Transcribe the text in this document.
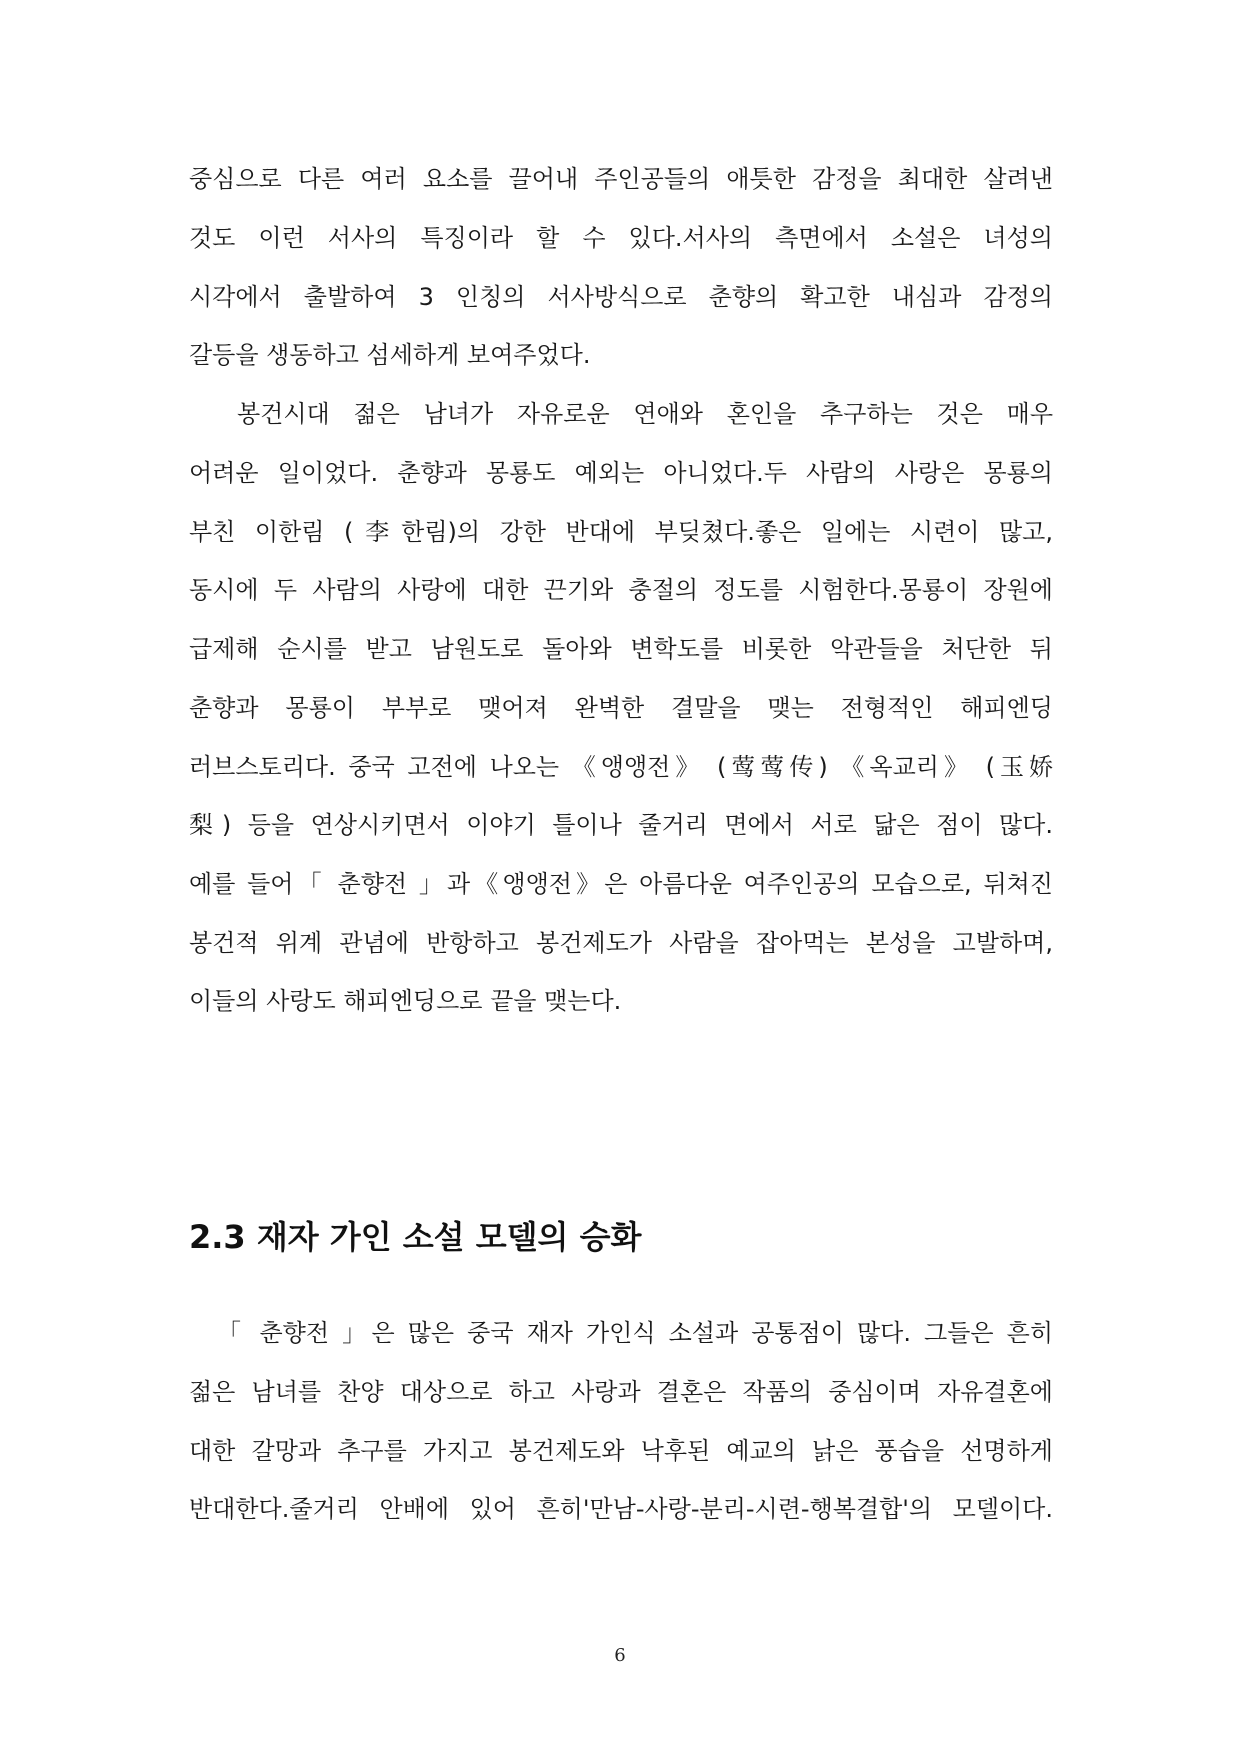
중심으로 다른 여러 요소를 끌어내 주인공들의 애틋한 감정을 최대한 살려낸
것도 이런 서사의 특징이라 할 수 있다.서사의 측면에서 소설은 녀성의
시각에서 출발하여 3 인칭의 서사방식으로 춘향의 확고한 내심과 감정의
갈등을 생동하고 섬세하게 보여주었다.
봉건시대 젊은 남녀가 자유로운 연애와 혼인을 추구하는 것은 매우
어려운 일이었다. 춘향과 몽룡도 예외는 아니었다.두 사람의 사랑은 몽룡의
부친 이한림 (李한림)의 강한 반대에 부딪쳤다.좋은 일에는 시련이 많고,
동시에 두 사람의 사랑에 대한 끈기와 충절의 정도를 시험한다.몽룡이 장원에
급제해 순시를 받고 남원도로 돌아와 변학도를 비롯한 악관들을 처단한 뒤
춘향과 몽룡이 부부로 맺어져 완벽한 결말을 맺는 전형적인 해피엔딩
러브스토리다. 중국 고전에 나오는 《앵앵전》 (莺莺传) 《옥교리》 (玉娇
梨) 등을 연상시키면서 이야기 틀이나 줄거리 면에서 서로 닮은 점이 많다.
예를 들어「 춘향전 」과《앵앵전》은 아름다운 여주인공의 모습으로, 뒤쳐진
봉건적 위계 관념에 반항하고 봉건제도가 사람을 잡아먹는 본성을 고발하며,
이들의 사랑도 해피엔딩으로 끝을 맺는다.
2.3 재자 가인 소설 모델의 승화
「 춘향전 」은 많은 중국 재자 가인식 소설과 공통점이 많다. 그들은 흔히
젊은 남녀를 찬양 대상으로 하고 사랑과 결혼은 작품의 중심이며 자유결혼에
대한 갈망과 추구를 가지고 봉건제도와 낙후된 예교의 낡은 풍습을 선명하게
반대한다.줄거리 안배에 있어 흔히'만남-사랑-분리-시련-행복결합'의 모델이다.
6
